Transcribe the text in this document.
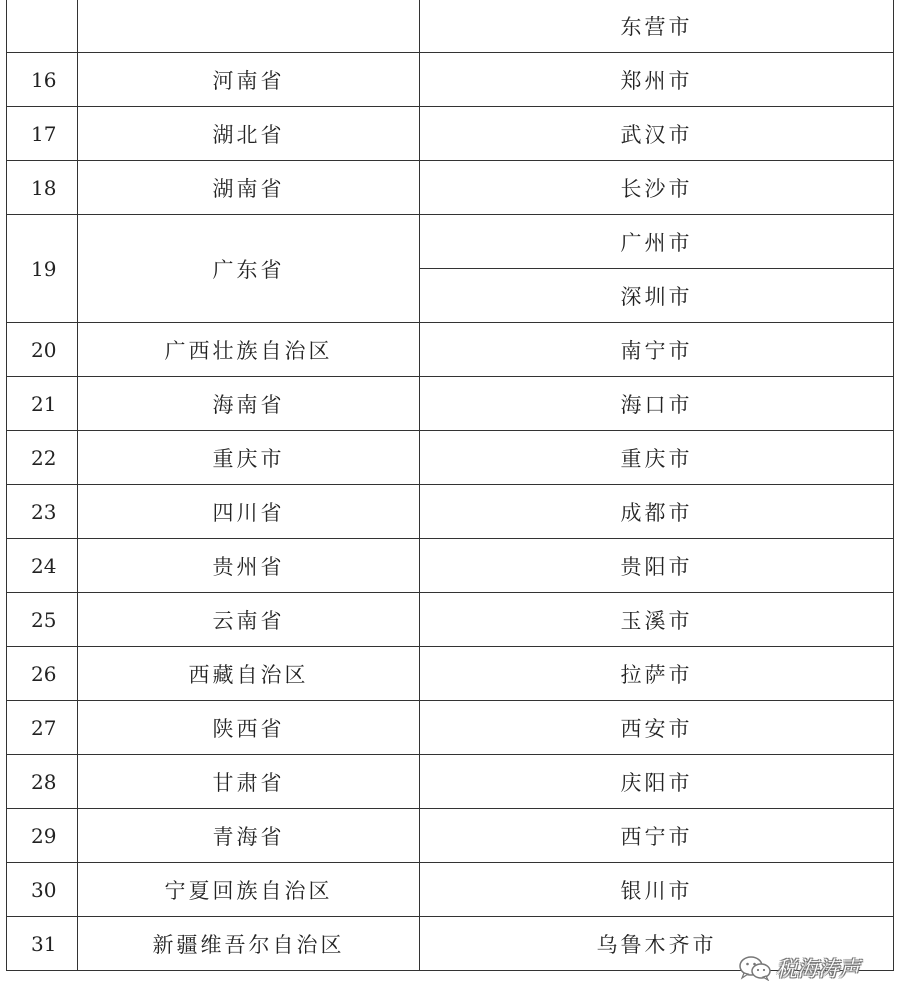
		东营市
16	河南省	郑州市
17	湖北省	武汉市
18	湖南省	长沙市
19	广东省	广州市
		深圳市
20	广西壮族自治区	南宁市
21	海南省	海口市
22	重庆市	重庆市
23	四川省	成都市
24	贵州省	贵阳市
25	云南省	玉溪市
26	西藏自治区	拉萨市
27	陕西省	西安市
28	甘肃省	庆阳市
29	青海省	西宁市
30	宁夏回族自治区	银川市
31	新疆维吾尔自治区	乌鲁木齐市
税海涛声
